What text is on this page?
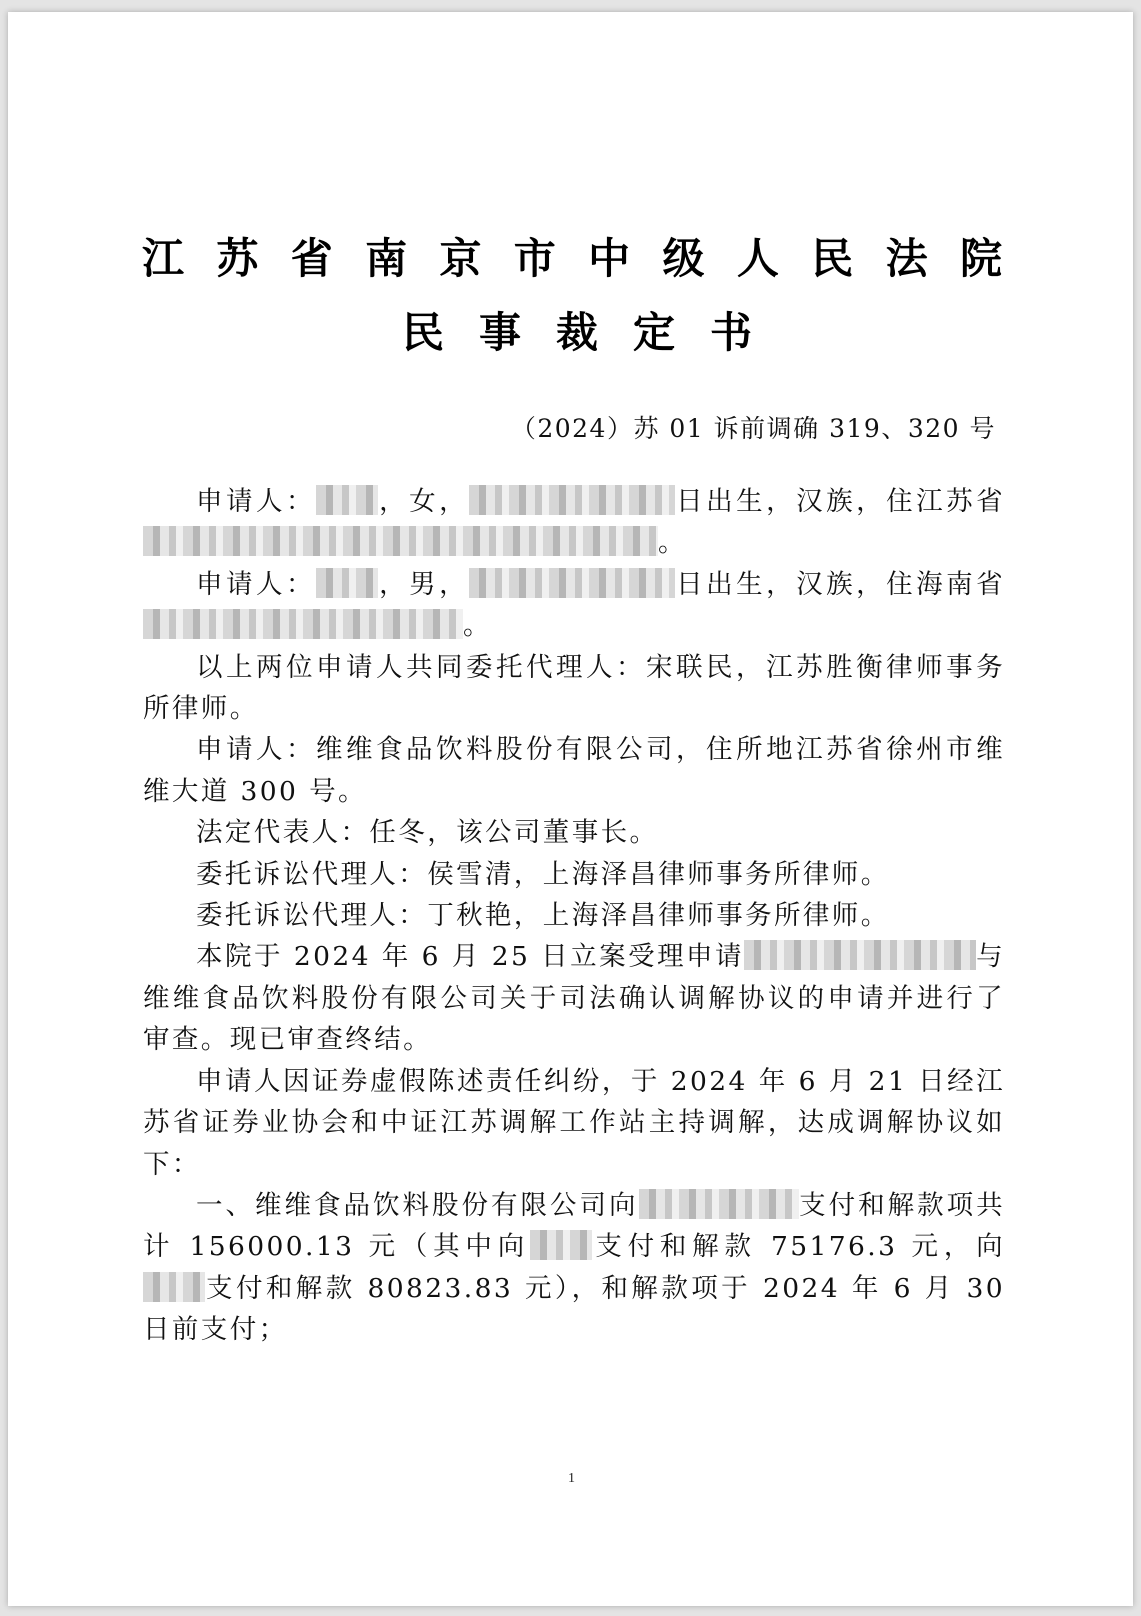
江 苏 省 南 京 市 中 级 人 民 法 院
民 事 裁 定 书
（2024）苏 01 诉前调确 319、320 号

申请人： ，女，	日出生，汉族，住江苏省。

申请人： ，男，	日出生，汉族，住海南省。

以上两位申请人共同委托代理人：宋联民，江苏胜衡律师事务所律师。

申请人：维维食品饮料股份有限公司，住所地江苏省徐州市维维大道 300 号。

法定代表人：任冬，该公司董事长。

委托诉讼代理人：侯雪清，上海泽昌律师事务所律师。

委托诉讼代理人：丁秋艳，上海泽昌律师事务所律师。

本院于 2024 年 6 月 25 日立案受理申请	与维维食品饮料股份有限公司关于司法确认调解协议的申请并进行了审查。现已审查终结。

申请人因证券虚假陈述责任纠纷，于 2024 年 6 月 21 日经江苏省证券业协会和中证江苏调解工作站主持调解，达成调解协议如下：

一、维维食品饮料股份有限公司向	支付和解款项共计 156000.13 元（其中向 支付和解款 75176.3 元，向支付和解款 80823.83 元），和解款项于 2024 年 6 月 30 日前支付；

1
